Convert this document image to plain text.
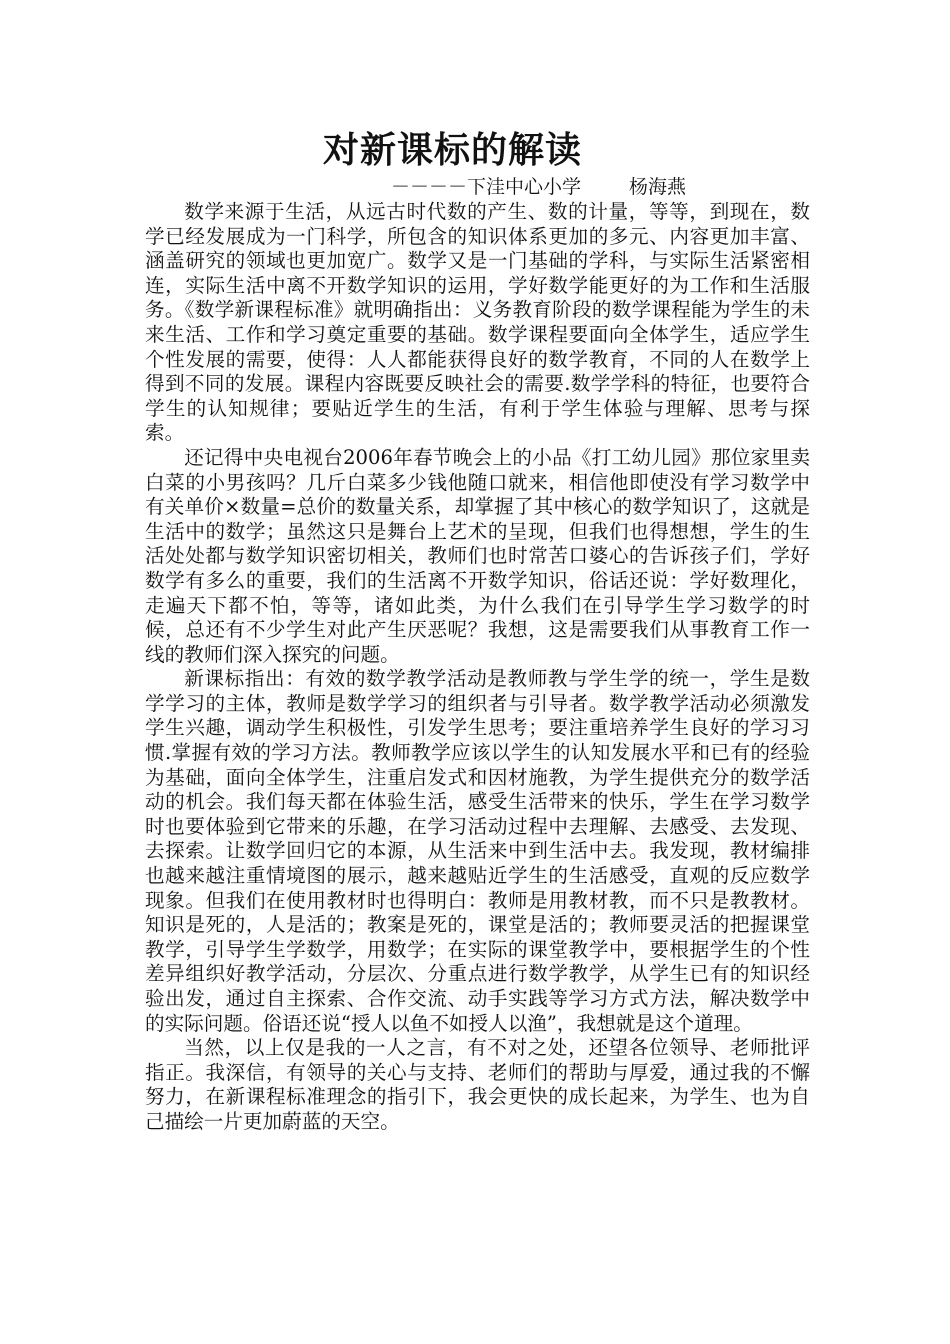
对新课标的解读
－－－－下洼中心小学	杨海燕

数学来源于生活，从远古时代数的产生、数的计量，等等，到现在，数学已经发展成为一门科学，所包含的知识体系更加的多元、内容更加丰富、涵盖研究的领域也更加宽广。数学又是一门基础的学科，与实际生活紧密相连，实际生活中离不开数学知识的运用，学好数学能更好的为工作和生活服务。《数学新课程标准》就明确指出：义务教育阶段的数学课程能为学生的未来生活、工作和学习奠定重要的基础。数学课程要面向全体学生，适应学生个性发展的需要，使得：人人都能获得良好的数学教育，不同的人在数学上得到不同的发展。课程内容既要反映社会的需要.数学学科的特征，也要符合学生的认知规律；要贴近学生的生活，有利于学生体验与理解、思考与探索。

还记得中央电视台2006年春节晚会上的小品《打工幼儿园》那位家里卖白菜的小男孩吗？几斤白菜多少钱他随口就来，相信他即使没有学习数学中有关单价×数量=总价的数量关系，却掌握了其中核心的数学知识了，这就是生活中的数学；虽然这只是舞台上艺术的呈现，但我们也得想想，学生的生活处处都与数学知识密切相关，教师们也时常苦口婆心的告诉孩子们，学好数学有多么的重要，我们的生活离不开数学知识，俗话还说：学好数理化，走遍天下都不怕，等等，诸如此类，为什么我们在引导学生学习数学的时候，总还有不少学生对此产生厌恶呢？我想，这是需要我们从事教育工作一线的教师们深入探究的问题。

新课标指出：有效的数学教学活动是教师教与学生学的统一，学生是数学学习的主体，教师是数学学习的组织者与引导者。数学教学活动必须激发学生兴趣，调动学生积极性，引发学生思考；要注重培养学生良好的学习习惯.掌握有效的学习方法。教师教学应该以学生的认知发展水平和已有的经验为基础，面向全体学生，注重启发式和因材施教，为学生提供充分的数学活动的机会。我们每天都在体验生活，感受生活带来的快乐，学生在学习数学时也要体验到它带来的乐趣，在学习活动过程中去理解、去感受、去发现、去探索。让数学回归它的本源，从生活来中到生活中去。我发现，教材编排也越来越注重情境图的展示，越来越贴近学生的生活感受，直观的反应数学现象。但我们在使用教材时也得明白：教师是用教材教，而不只是教教材。知识是死的，人是活的；教案是死的，课堂是活的；教师要灵活的把握课堂教学，引导学生学数学，用数学；在实际的课堂教学中，要根据学生的个性差异组织好教学活动，分层次、分重点进行数学教学，从学生已有的知识经验出发，通过自主探索、合作交流、动手实践等学习方式方法，解决数学中的实际问题。俗语还说“授人以鱼不如授人以渔”，我想就是这个道理。

当然，以上仅是我的一人之言，有不对之处，还望各位领导、老师批评指正。我深信，有领导的关心与支持、老师们的帮助与厚爱，通过我的不懈努力，在新课程标准理念的指引下，我会更快的成长起来，为学生、也为自己描绘一片更加蔚蓝的天空。
